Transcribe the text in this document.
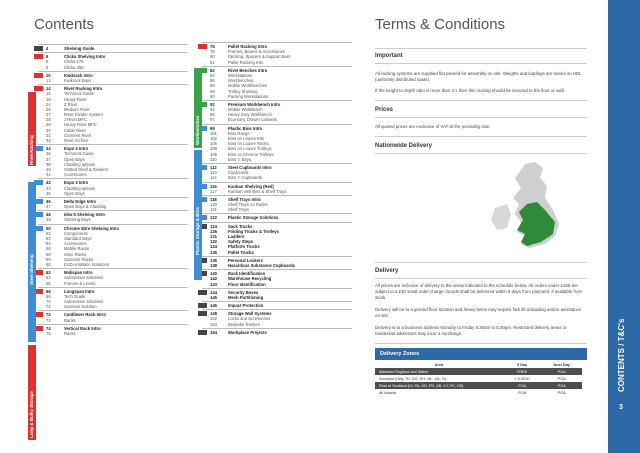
Contents	Terms & Conditions
4	Shelving Guide
6	Clicka Shelving Intro
8	Clicka 175
9	Clicka 265
10	Kwikrack Intro
13	Kwikrack Bays
14	Rivet Racking Intro
16	Technical Guide
18	Heavy Rivet
24	Z Rivet
26	Medium Rivet
27	Rivet Divider System
28	J Rivet MFC
29	Heavy Rivet MFC
30	Cable Rivet
31	Garment Rivet
32	Rivet Archive
34	Expo 4 Intro
36	Technical Guide
37	Open Bays
38	Cladding options
40	Slotted Shelf & Dividers
41	Accessories
42	Expo 3 Intro
44	Cladding options
45	Open Bays
46	Delta Edge Intro
47	Open Bays & Cladding
48	Idea 5 Shelving Intro
49	Shelving Bays
50	Chrome Wire Shelving Intro
52	Components
53	Standard Bays
54	Accessories
56	Mobile Racks
58	Wine Racks
59	Garment Racks
60	ESD Antistatic Solutions
62	Midispan Intro
64	Automotive Solutions
65	Frames & Levels
66	Longspan Intro
68	Tech Guide
70	Automotive Solutions
71	Garment Solution
72	Cantilever Rack Intro
73	Racks
74	Vertical Rack Intro
75	Racks
76	Pallet Racking Intro
78	Frames, Beams & Accessories
80	Decking, Spacers & Support Bars
81	Pallet Racking Kits
82	Rivet Benches Intro
84	Workstations
86	Workbenches
88	Mobile Workbenches
89	Trolley Shelving
90	Packing Workstations
92	Premium Workbench Intro
94	Mobile Workbench
96	Heavy Duty Workbench
97	Economy Drawer cabinets
98	Plastic Bins Intro
101	Bins Range
102	Bins on Louvre Kits
106	Bins on Louvre Racks
108	Bins on Louvre Trolleys
109	Bins on Chrome Trolleys
110	Bins 'n Bays
112	Steel Cupboards Intro
113	Cupboards
114	Bins 'n Cupboards
116	Kanban Shelving (Red)
117	Kanban with Bins & Shelf Trays
118	Shelf Trays Intro
120	Shelf Trays on Racks
121	Shelf Trays
122	Plastic Storage Solutions
124	Sack Trucks
126	Folding Trucks & Trolleys
131	Ladders
132	Safety Steps
134	Platform Trucks
135	Pallet Trucks
136	Personal Lockers
138	Hazardous Substance Cupboards
140	Rack Identification
142	Warehouse Recycling
143	Floor Identification
144	Security Boxes
145	Mesh Partitioning
146	Impact Protection
148	Storage Wall Systems
152	Locks and accessories
153	Bespoke finishes
154	Workplace Projects
Rivet Racking
Steel Shelving
Long & Bulky Storage
Workbenches
Plastic Storage & Bins
Important
All racking systems are supplied flat packed for assembly on site. Weights and loadings are based on UDL (uniformly distributed loads).
If the height to depth ratio is more than 4:1 then this racking should be secured to the floor or wall.
Prices
All quoted prices are exclusive of VAT at the prevailing rate.
Nationwide Delivery
Delivery
All prices are inclusive of delivery to the areas indicated in the schedule below. All orders under £150 are subject to a £10 small order charge. Goods shall be delivered within 5 days from payment, if available from stock.
Delivery will be to a ground floor location and heavy items may require fork lift unloading and/or assistance on site.
Delivery is to a business address Monday to Friday 8.30am to 5.00pm. Restricted delivery areas or residential addresses may incur a surcharge.
Delivery Zones
Area	5 Day	Next Day
Mainland England and Wales	FREE	POA
Scotland (Only TD, DG, EH, ML, KA, G)	+ £15.00	POA
Rest of Scotland (IV, PA, DD, PH, AB, KY, FK, HS)	POA	POA
All Islands	POA	POA
CONTENTS / T&C's
3
